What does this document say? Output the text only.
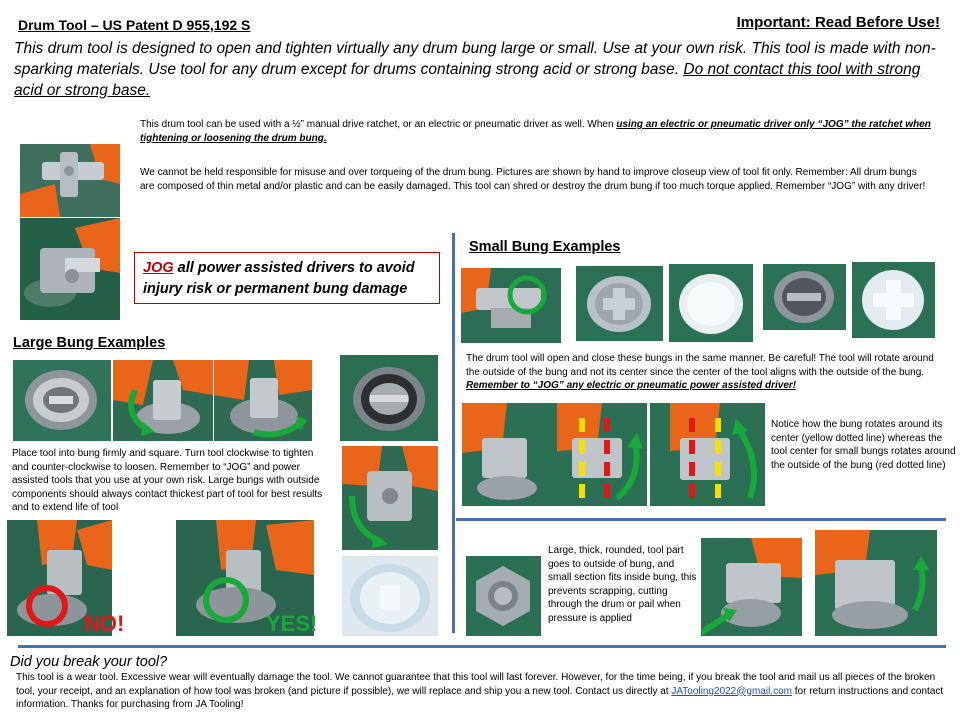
Drum Tool – US Patent D 955,192 S	Important: Read Before Use!
This drum tool is designed to open and tighten virtually any drum bung large or small. Use at your own risk. This tool is made with non-sparking materials. Use tool for any drum except for drums containing strong acid or strong base. Do not contact this tool with strong acid or strong base.
This drum tool can be used with a ½” manual drive ratchet, or an electric or pneumatic driver as well. When using an electric or pneumatic driver only “JOG” the ratchet when tightening or loosening the drum bung.
We cannot be held responsible for misuse and over torqueing of the drum bung. Pictures are shown by hand to improve closeup view of tool fit only. Remember: All drum bungs are composed of thin metal and/or plastic and can be easily damaged. This tool can shred or destroy the drum bung if too much torque applied. Remember “JOG” with any driver!
JOG all power assisted drivers to avoid
injury risk or permanent bung damage
Large Bung Examples
Place tool into bung firmly and square. Turn tool clockwise to tighten and counter-clockwise to loosen. Remember to “JOG” and power assisted tools that you use at your own risk. Large bungs with outside components should always contact thickest part of tool for best results and to extend life of tool
NO!	YES!
Small Bung Examples
The drum tool will open and close these bungs in the same manner. Be careful! The tool will rotate around the outside of the bung and not its center since the center of the tool aligns with the outside of the bung. Remember to “JOG” any electric or pneumatic power assisted driver!
Notice how the bung rotates around its center (yellow dotted line) whereas the tool center for small bungs rotates around the outside of the bung (red dotted line)
Large, thick, rounded, tool part goes to outside of bung, and small section fits inside bung, this prevents scrapping, cutting through the drum or pail when pressure is applied
Did you break your tool?
This tool is a wear tool. Excessive wear will eventually damage the tool. We cannot guarantee that this tool will last forever. However, for the time being, if you break the tool and mail us all pieces of the broken tool, your receipt, and an explanation of how tool was broken (and picture if possible), we will replace and ship you a new tool. Contact us directly at JATooling2022@gmail.com for return instructions and contact information. Thanks for purchasing from JA Tooling!
